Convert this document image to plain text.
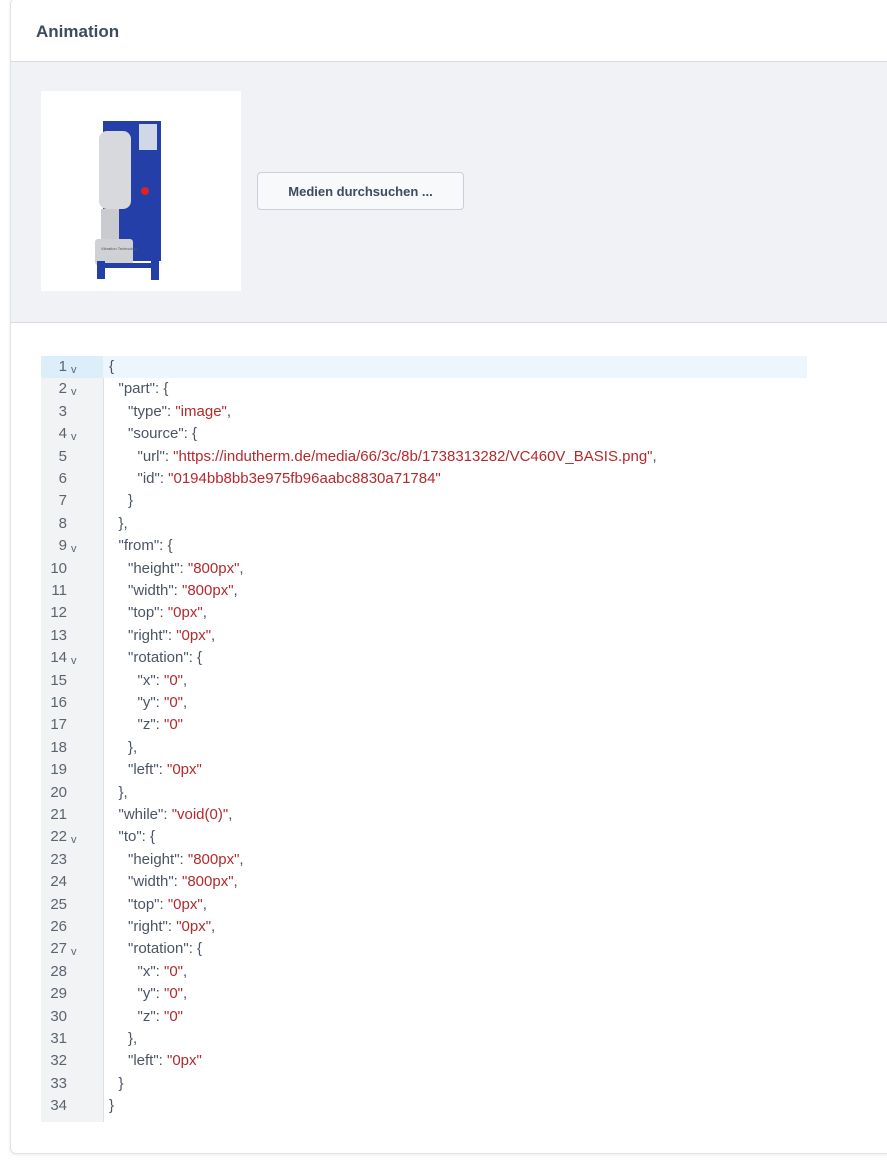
Animation
Vibration Technology
Medien durchsuchen ...
1 v {
2 v	"part": {
3	"type": "image",
4 v	"source": {
5	"url": "https://indutherm.de/media/66/3c/8b/1738313282/VC460V_BASIS.png",
6	"id": "0194bb8bb3e975fb96aabc8830a71784"
7	}
8	},
9 v	"from": {
10	"height": "800px",
11	"width": "800px",
12	"top": "0px",
13	"right": "0px",
14 v	"rotation": {
15	"x": "0",
16	"y": "0",
17	"z": "0"
18	},
19	"left": "0px"
20	},
21	"while": "void(0)",
22 v	"to": {
23	"height": "800px",
24	"width": "800px",
25	"top": "0px",
26	"right": "0px",
27 v	"rotation": {
28	"x": "0",
29	"y": "0",
30	"z": "0"
31	},
32	"left": "0px"
33	}
34	}
